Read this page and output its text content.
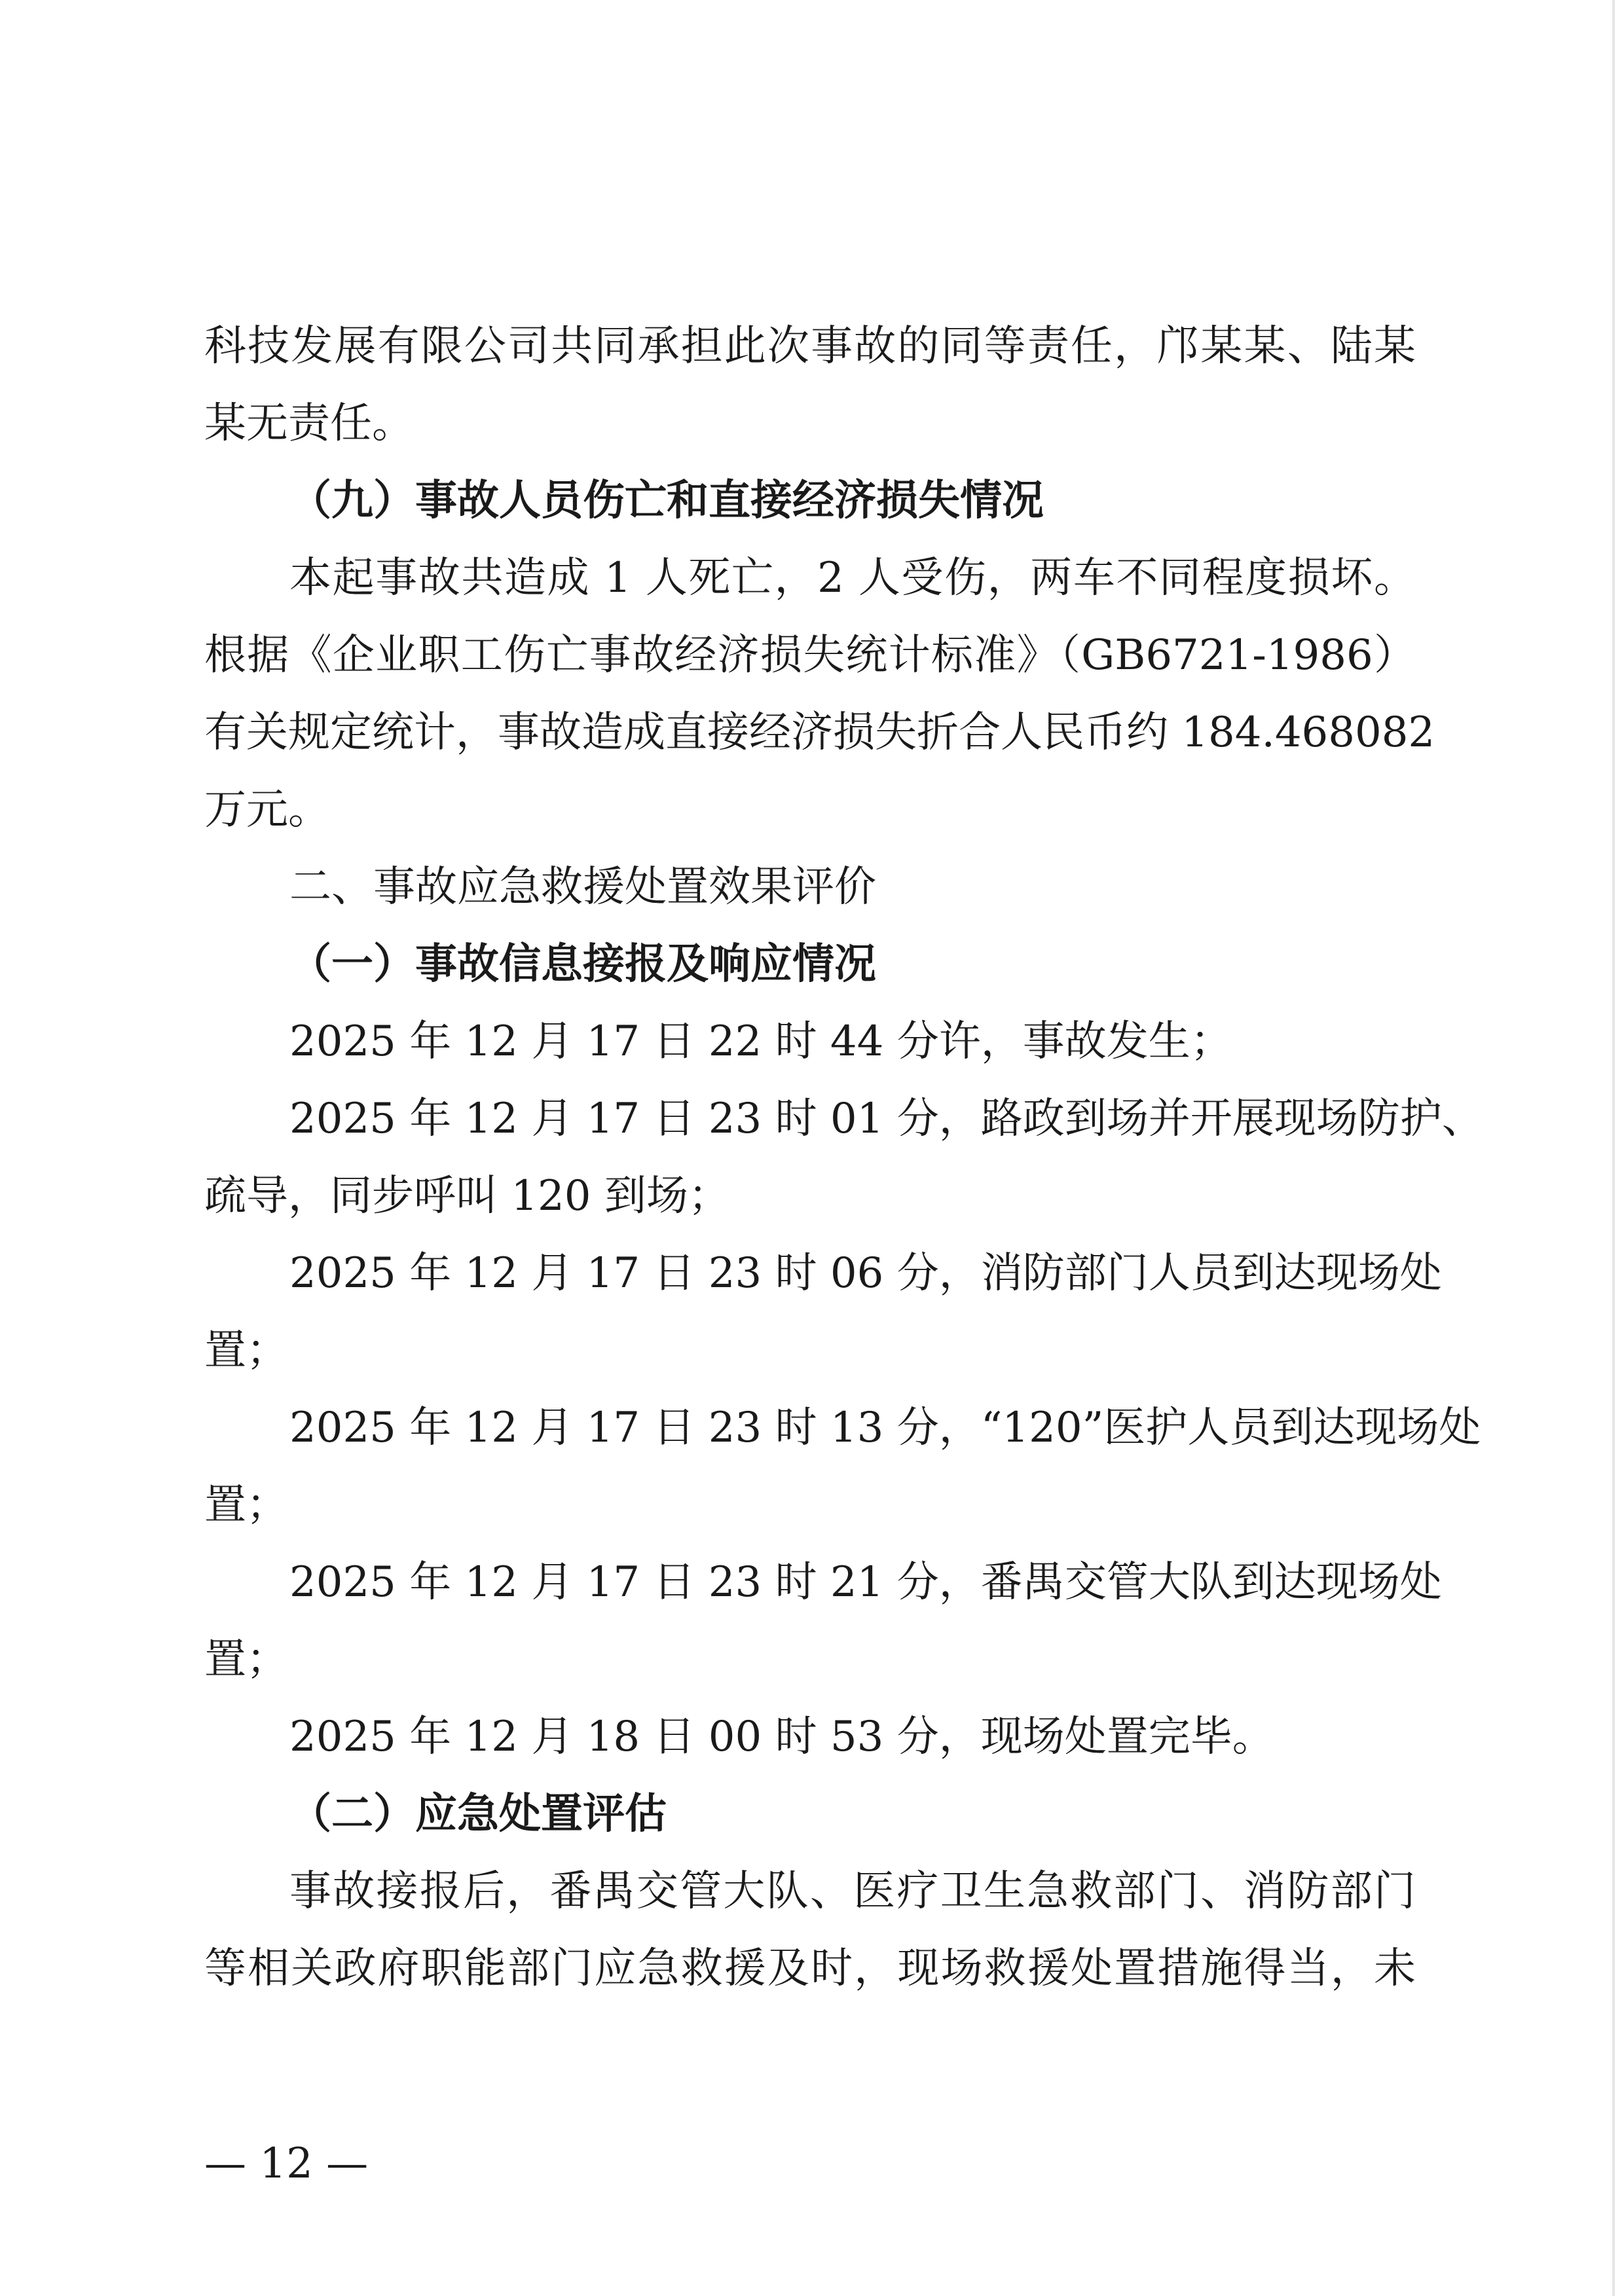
科技发展有限公司共同承担此次事故的同等责任，邝某某、陆某
某无责任。
（九）事故人员伤亡和直接经济损失情况
本起事故共造成 1 人死亡，2 人受伤，两车不同程度损坏。
根据《企业职工伤亡事故经济损失统计标准》（GB6721-1986）
有关规定统计，事故造成直接经济损失折合人民币约 184.468082
万元。
二、事故应急救援处置效果评价
（一）事故信息接报及响应情况
2025 年 12 月 17 日 22 时 44 分许，事故发生；
2025 年 12 月 17 日 23 时 01 分，路政到场并开展现场防护、
疏导，同步呼叫 120 到场；
2025 年 12 月 17 日 23 时 06 分，消防部门人员到达现场处
置；
2025 年 12 月 17 日 23 时 13 分，“120”医护人员到达现场处
置；
2025 年 12 月 17 日 23 时 21 分，番禺交管大队到达现场处
置；
2025 年 12 月 18 日 00 时 53 分，现场处置完毕。
（二）应急处置评估
事故接报后，番禺交管大队、医疗卫生急救部门、消防部门
等相关政府职能部门应急救援及时，现场救援处置措施得当，未
— 12 —
